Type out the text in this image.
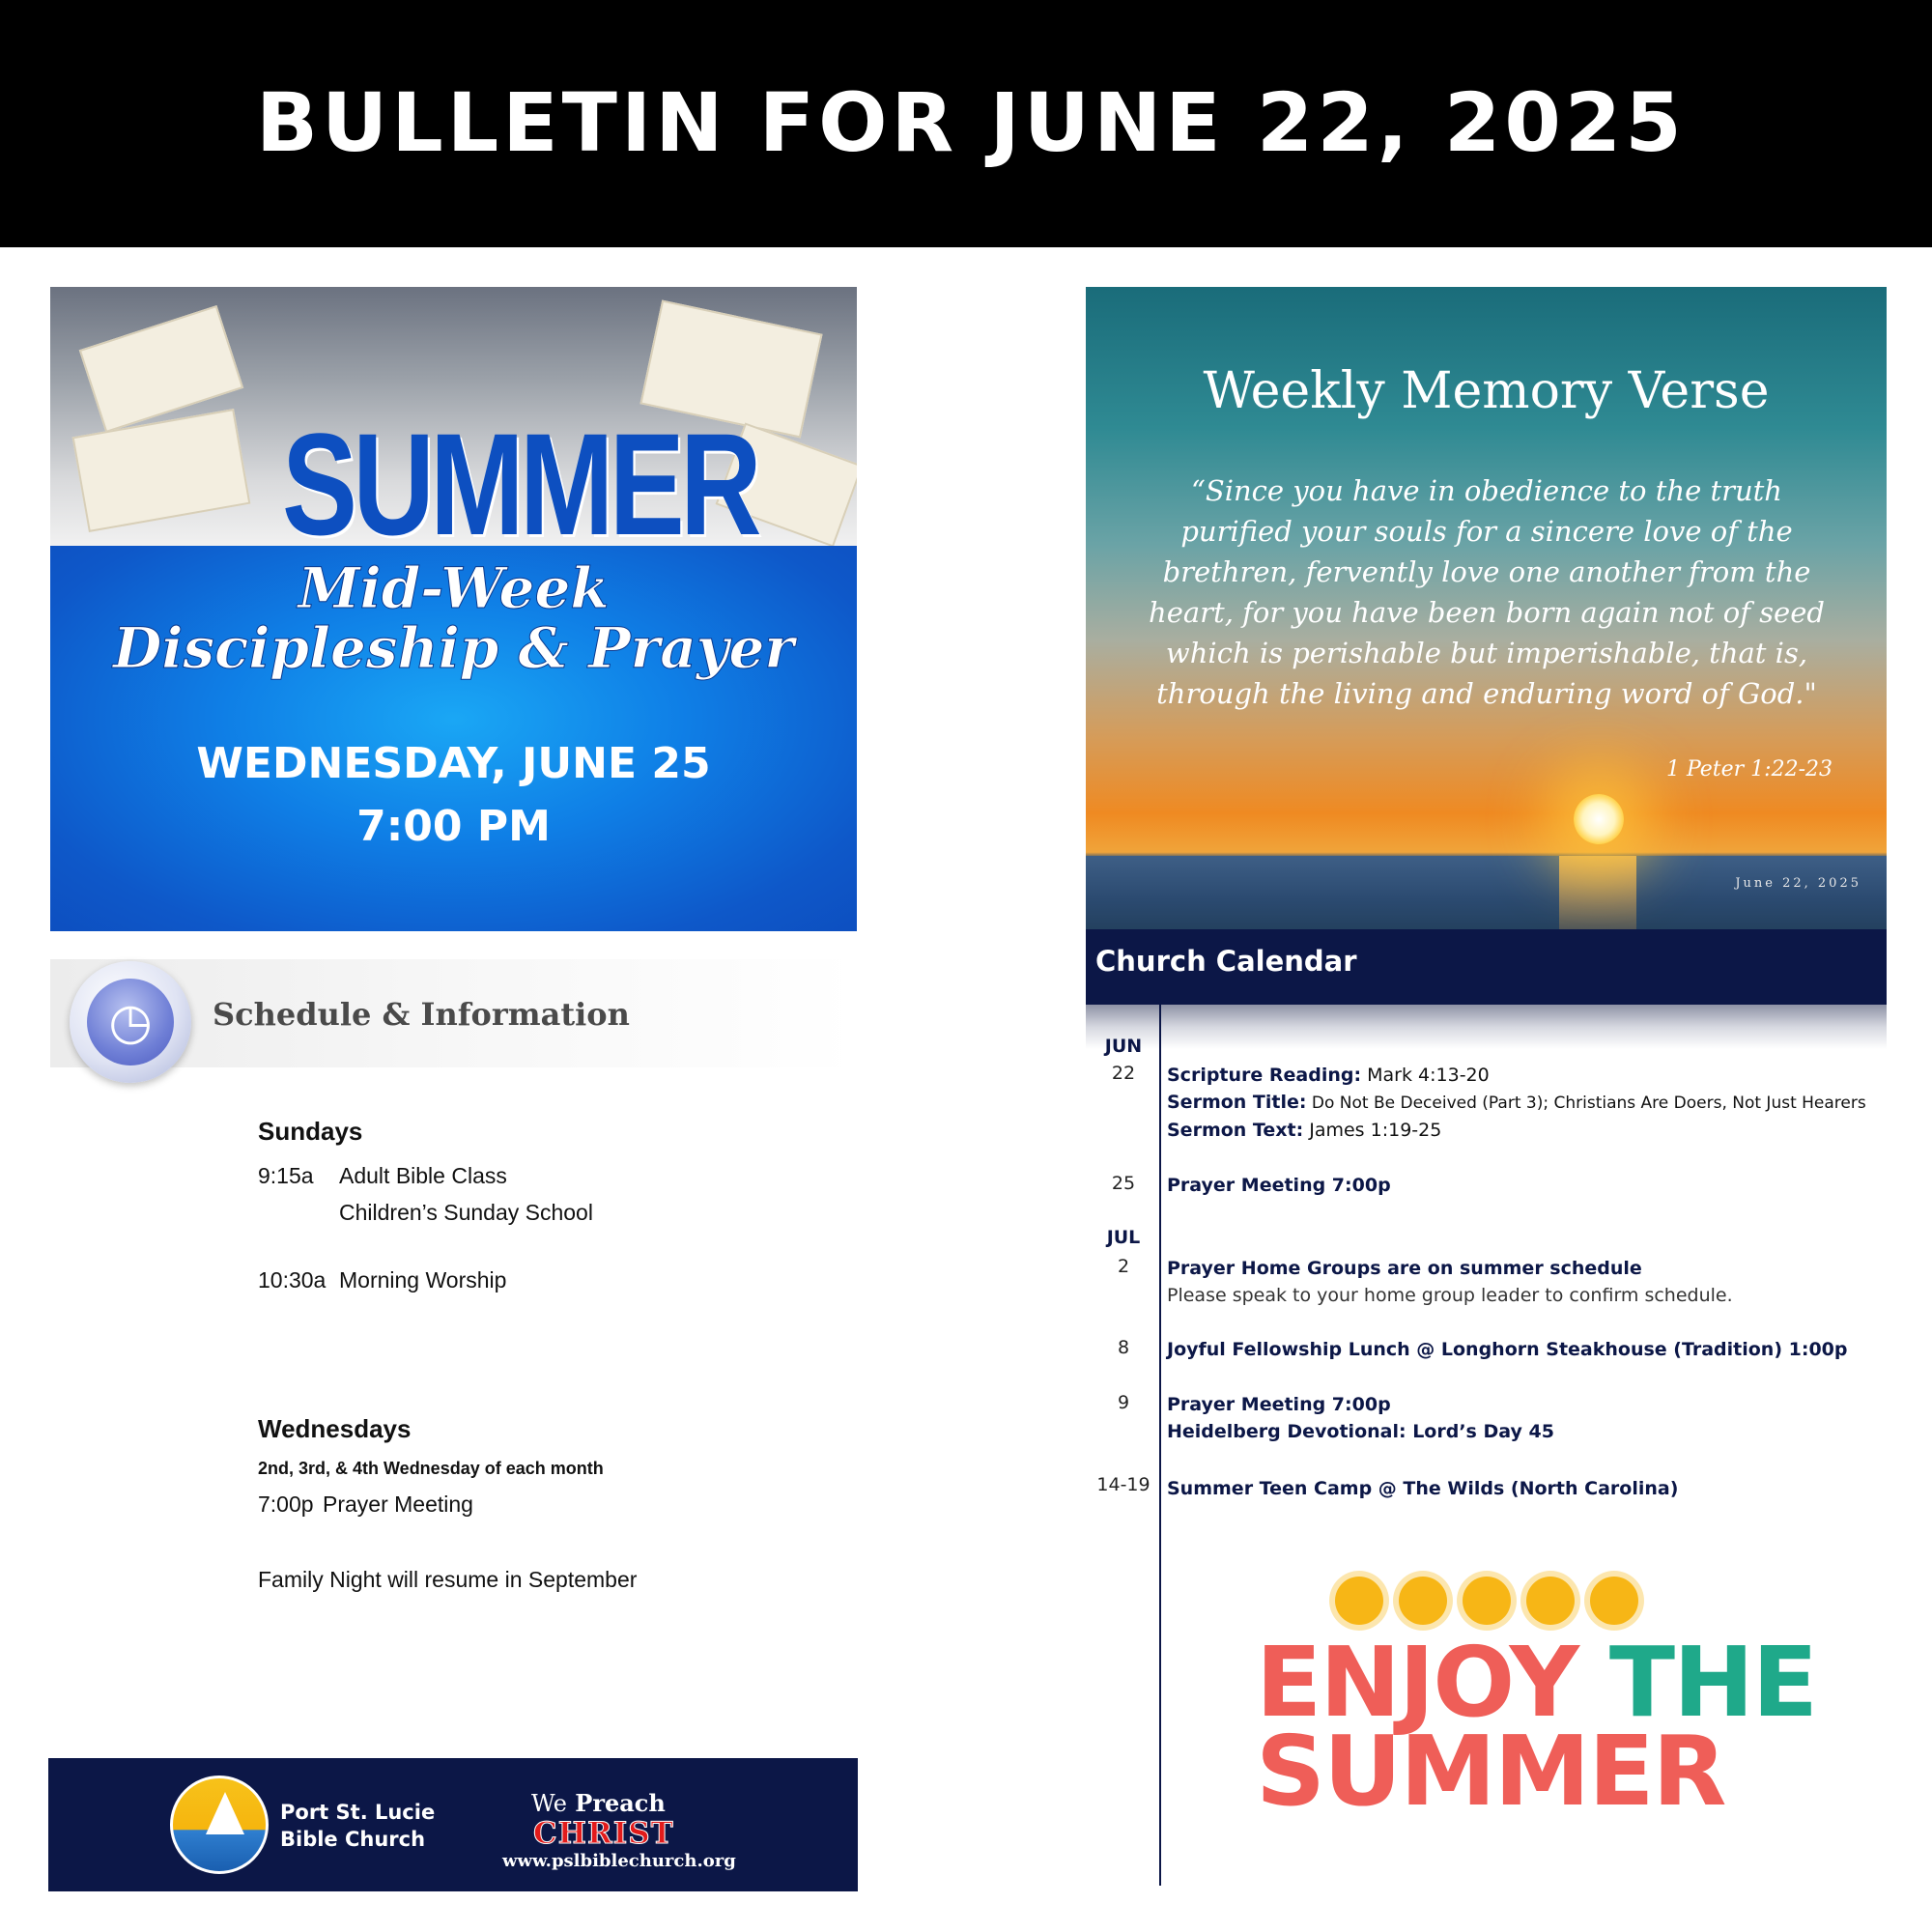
BULLETIN FOR JUNE 22, 2025
SUMMER
Mid-Week
Discipleship & Prayer
WEDNESDAY, JUNE 25
7:00 PM
◷	Schedule & Information
Sundays
9:15a Adult Bible Class
Children’s Sunday School
10:30a Morning Worship
Wednesdays
2nd, 3rd, & 4th Wednesday of each month
7:00p Prayer Meeting
Family Night will resume in September
Port St. Lucie
Bible Church
We Preach
CHRIST
www.pslbiblechurch.org
Weekly Memory Verse
“Since you have in obedience to the truth purified your souls for a sincere love of the brethren, fervently love one another from the heart, for you have been born again not of seed which is perishable but imperishable, that is, through the living and enduring word of God."
1 Peter 1:22-23
June 22, 2025
Church Calendar
JUN
22	Scripture Reading: Mark 4:13-20
Sermon Title: Do Not Be Deceived (Part 3); Christians Are Doers, Not Just Hearers
Sermon Text: James 1:19-25
25	Prayer Meeting 7:00p
JUL
2	Prayer Home Groups are on summer schedule
Please speak to your home group leader to confirm schedule.
8	Joyful Fellowship Lunch @ Longhorn Steakhouse (Tradition) 1:00p
9	Prayer Meeting 7:00p
Heidelberg Devotional: Lord’s Day 45
14-19 Summer Teen Camp @ The Wilds (North Carolina)
ENJOY THE
SUMMER
